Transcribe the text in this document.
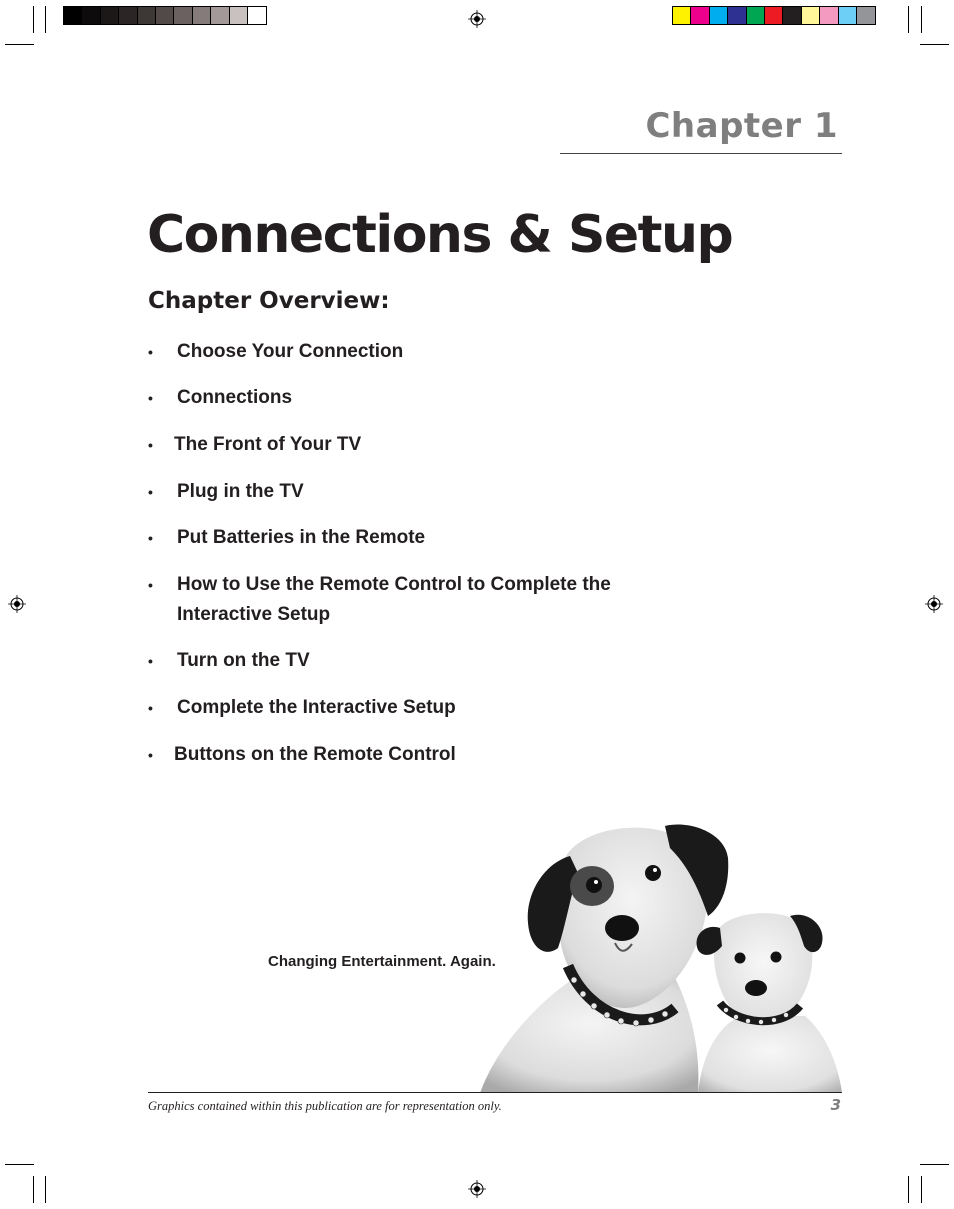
Chapter 1
Connections & Setup
Chapter Overview:
• Choose Your Connection
• Connections
• The Front of Your TV
• Plug in the TV
• Put Batteries in the Remote
• How to Use the Remote Control to Complete the Interactive Setup
• Turn on the TV
• Complete the Interactive Setup
• Buttons on the Remote Control
Changing Entertainment. Again.
Graphics contained within this publication are for representation only.	3
